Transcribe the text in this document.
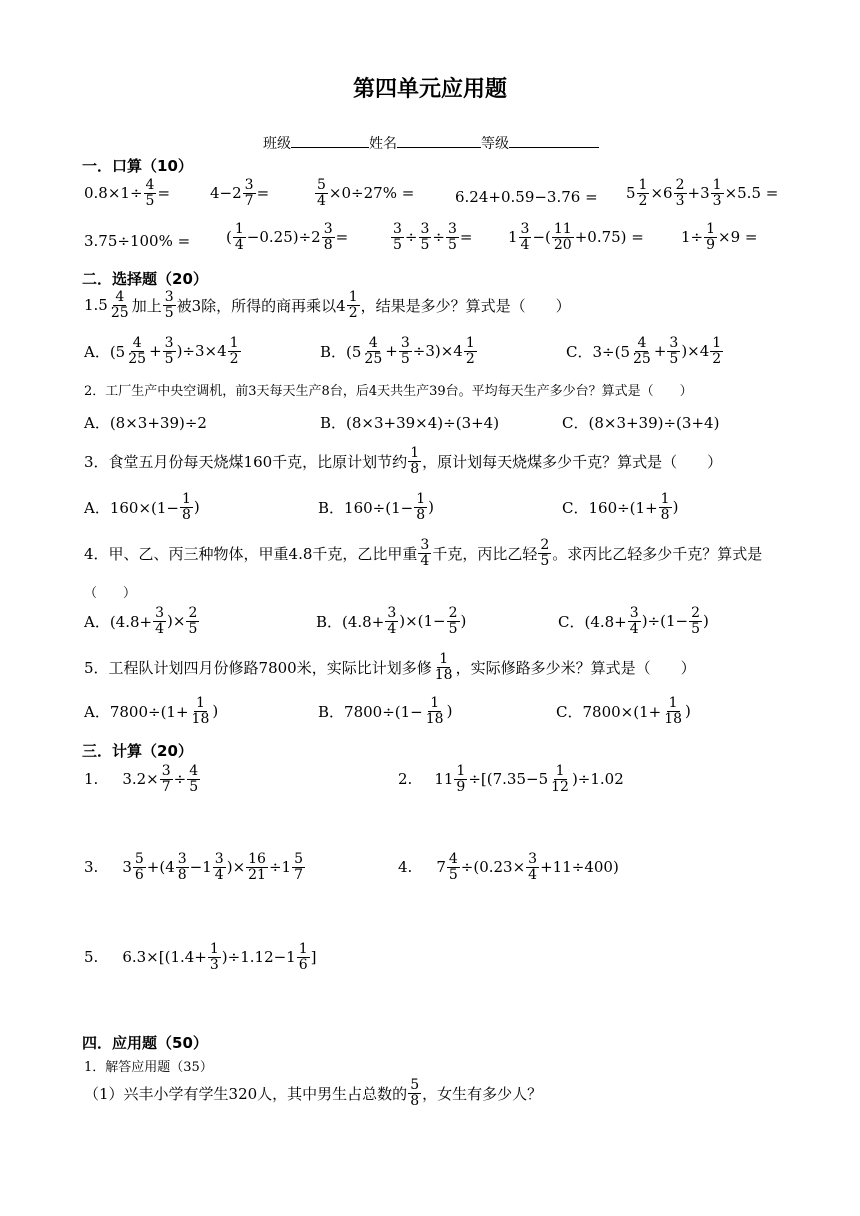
第四单元应用题
班级	姓名	等级
一．口算（10）
$0.8\times 1\div \frac{4}{5}$ =	$4-2 \frac{3}{7}$ =	$\frac{5}{4} \times 0\div 27\%$ =	$6.24+0.59-3.76 = 5 \frac{1}{2} \times 6$ 2
$3 +3 \frac{1}{3} \times 5.5$ =
3.75÷100% = ( 1
$4 -0.25)\div 2 \frac{3}{8}$ =	$\frac{3}{5} \div \frac{3}{5} \div \frac{3}{5} = 1$ 3
4 −( 11
$20 +0.75) = 1\div \frac{1}{9} \times 9$ =
二．选择题（20）
1.5 4
25 加上 3
5 被3除，所得的商再乘以4 1
2 ，结果是多少？算式是（　　）
A．(5 4
$25 + \frac{3}{5} )\div 3\times 4$ 1
2	B．(5 4
$25 + \frac{3}{5} \div 3)\times 4$ 1
2	C．3÷(5 4
$25 + \frac{3}{5} )\times 4$ 1
2
2．工厂生产中央空调机，前3天每天生产8台，后4天共生产39台。平均每天生产多少台？算式是（　　）
A．(8×3+39)÷2	B．(8×3+39×4)÷(3+4)	C．(8×3+39)÷(3+4)
3．食堂五月份每天烧煤160千克，比原计划节约 1
8 ，原计划每天烧煤多少千克？算式是（　　）
A．$160\times(1- \frac{1}{8}$ )	B．$160\div(1- \frac{1}{8}$ )	C．$160\div(1+ \frac{1}{8}$ )
4．甲、乙、丙三种物体，甲重4.8千克，乙比甲重 3
4 千克，丙比乙轻 2
5 。求丙比乙轻多少千克？算式是
（　　）
A．($4.8+ \frac{3}{4}$ )× $\frac{2}{5}$	B．$(4.8+ \frac{3}{4} )\times(1- \frac{2}{5}$ )	C．$(4.8+ \frac{3}{4} )\div(1- \frac{2}{5}$ )
5．工程队计划四月份修路7800米，实际比计划多修 1
18 ，实际修路多少米？算式是（　　）
A．$7800\div(1+ \frac{1}{18}$ )	B．$7800\div(1- \frac{1}{18}$ )	C．$7800\times(1+ \frac{1}{18}$ )
三．计算（20）
1. $3.2\times \frac{3}{7} \div \frac{4}{5}$	2. $11 \frac{1}{9} \div[(7.35-5$ 1
12 )÷1.02
3. 3 5
6 +(4 3
8 −1 3
4 )× $\frac{16}{21} \div 1$ 5
7	4. $7 \frac{4}{5} \div(0.23\times \frac{3}{4} +11\div 400)$
5. $6.3\times[(1.4+ \frac{1}{3} )\div 1.12-1$ 1
6 ]
四．应用题（50）
1．解答应用题（35）
（1）兴丰小学有学生320人，其中男生占总数的 5
8 ，女生有多少人？
